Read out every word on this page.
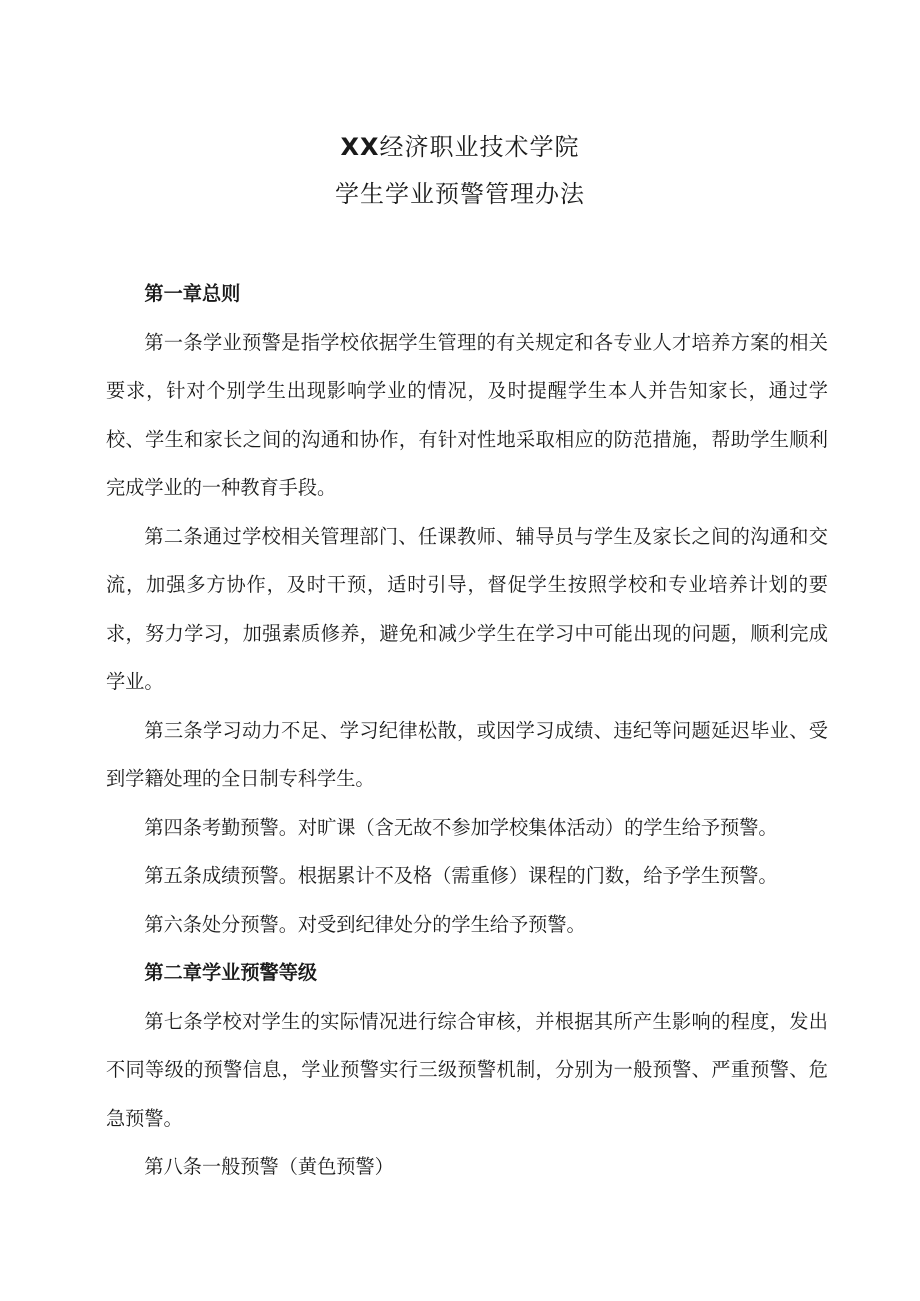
XX经济职业技术学院
学生学业预警管理办法

第一章总则

第一条学业预警是指学校依据学生管理的有关规定和各专业人才培养方案的相关要求，针对个别学生出现影响学业的情况，及时提醒学生本人并告知家长，通过学校、学生和家长之间的沟通和协作，有针对性地采取相应的防范措施，帮助学生顺利完成学业的一种教育手段。

第二条通过学校相关管理部门、任课教师、辅导员与学生及家长之间的沟通和交流，加强多方协作，及时干预，适时引导，督促学生按照学校和专业培养计划的要求，努力学习，加强素质修养，避免和减少学生在学习中可能出现的问题，顺利完成学业。

第三条学习动力不足、学习纪律松散，或因学习成绩、违纪等问题延迟毕业、受到学籍处理的全日制专科学生。

第四条考勤预警。对旷课（含无故不参加学校集体活动）的学生给予预警。

第五条成绩预警。根据累计不及格（需重修）课程的门数，给予学生预警。

第六条处分预警。对受到纪律处分的学生给予预警。

第二章学业预警等级

第七条学校对学生的实际情况进行综合审核，并根据其所产生影响的程度，发出不同等级的预警信息，学业预警实行三级预警机制，分别为一般预警、严重预警、危急预警。

第八条一般预警（黄色预警）
